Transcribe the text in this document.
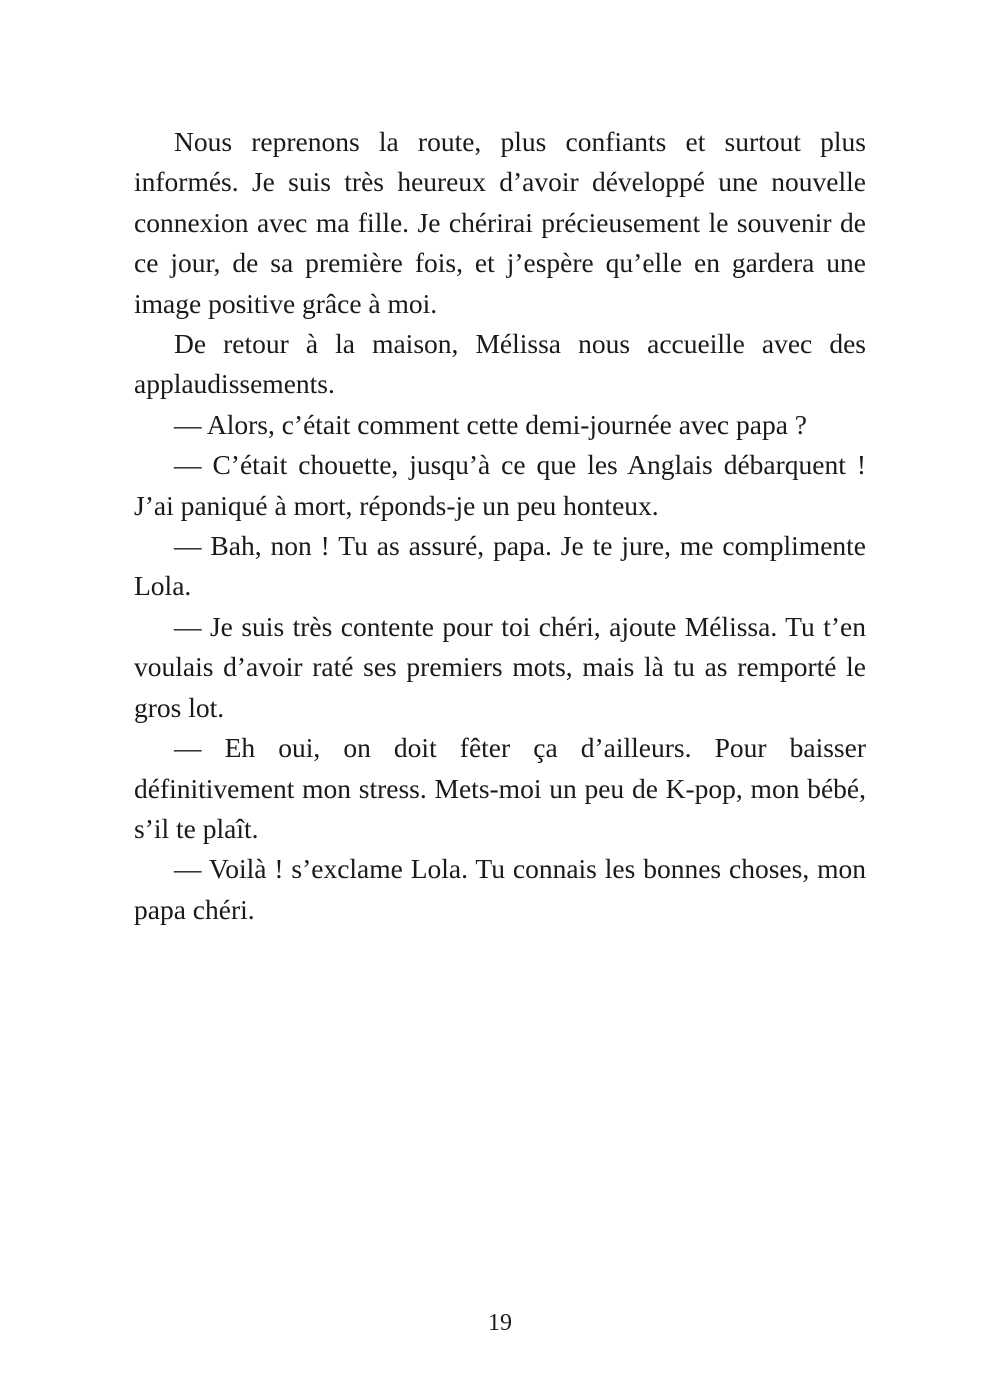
Nous reprenons la route, plus confiants et surtout plus informés. Je suis très heureux d’avoir développé une nouvelle connexion avec ma fille. Je chérirai précieusement le souvenir de ce jour, de sa première fois, et j’espère qu’elle en gardera une image positive grâce à moi.

De retour à la maison, Mélissa nous accueille avec des applaudissements.

— Alors, c’était comment cette demi-journée avec papa ?

— C’était chouette, jusqu’à ce que les Anglais débarquent ! J’ai paniqué à mort, réponds-je un peu honteux.

— Bah, non ! Tu as assuré, papa. Je te jure, me complimente Lola.

— Je suis très contente pour toi chéri, ajoute Mélissa. Tu t’en voulais d’avoir raté ses premiers mots, mais là tu as remporté le gros lot.

— Eh oui, on doit fêter ça d’ailleurs. Pour baisser définitivement mon stress. Mets-moi un peu de K-pop, mon bébé, s’il te plaît.

— Voilà ! s’exclame Lola. Tu connais les bonnes choses, mon papa chéri.

19
